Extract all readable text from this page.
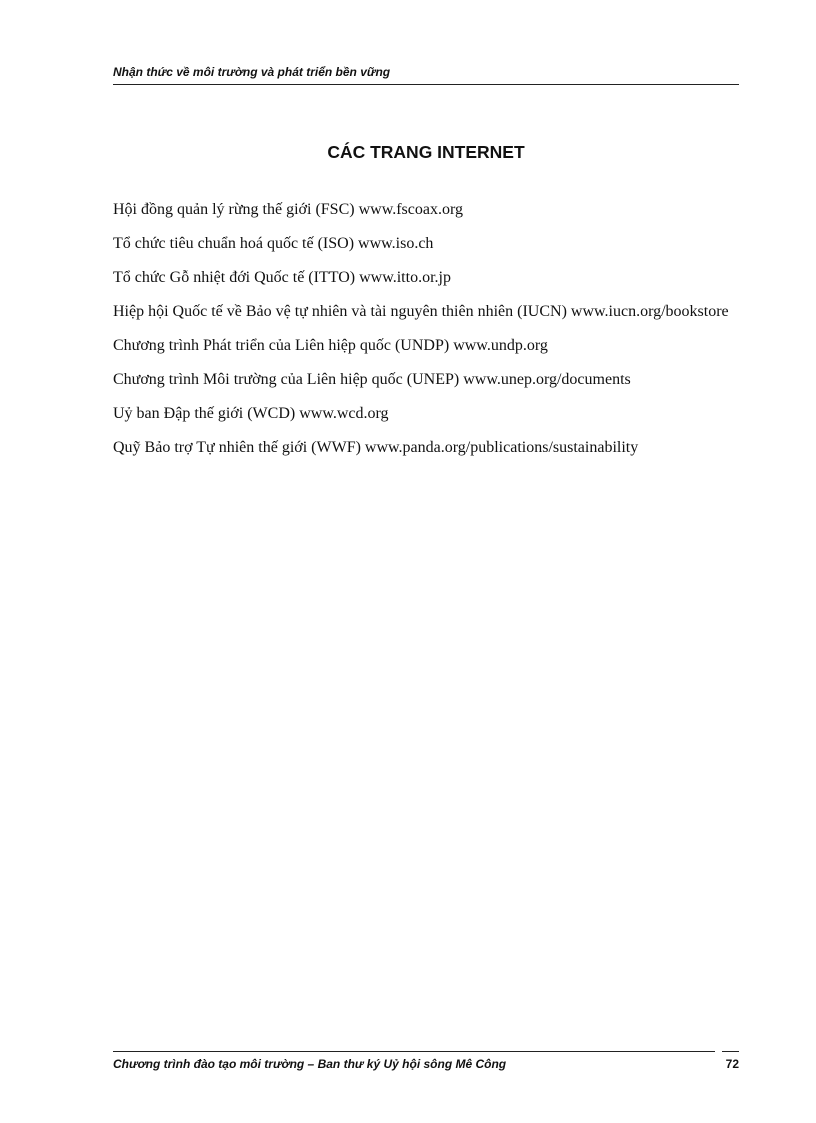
Nhận thức về môi trường và phát triển bền vững
CÁC TRANG INTERNET

Hội đồng quản lý rừng thế giới (FSC) www.fscoax.org

Tổ chức tiêu chuẩn hoá quốc tế (ISO) www.iso.ch

Tổ chức Gỗ nhiệt đới Quốc tế (ITTO) www.itto.or.jp

Hiệp hội Quốc tế về Bảo vệ tự nhiên và tài nguyên thiên nhiên (IUCN) www.iucn.org/bookstore

Chương trình Phát triển của Liên hiệp quốc (UNDP) www.undp.org

Chương trình Môi trường của Liên hiệp quốc (UNEP) www.unep.org/documents

Uỷ ban Đập thế giới (WCD) www.wcd.org

Quỹ Bảo trợ Tự nhiên thế giới (WWF) www.panda.org/publications/sustainability

Chương trình đào tạo môi trường – Ban thư ký Uỷ hội sông Mê Công	72
